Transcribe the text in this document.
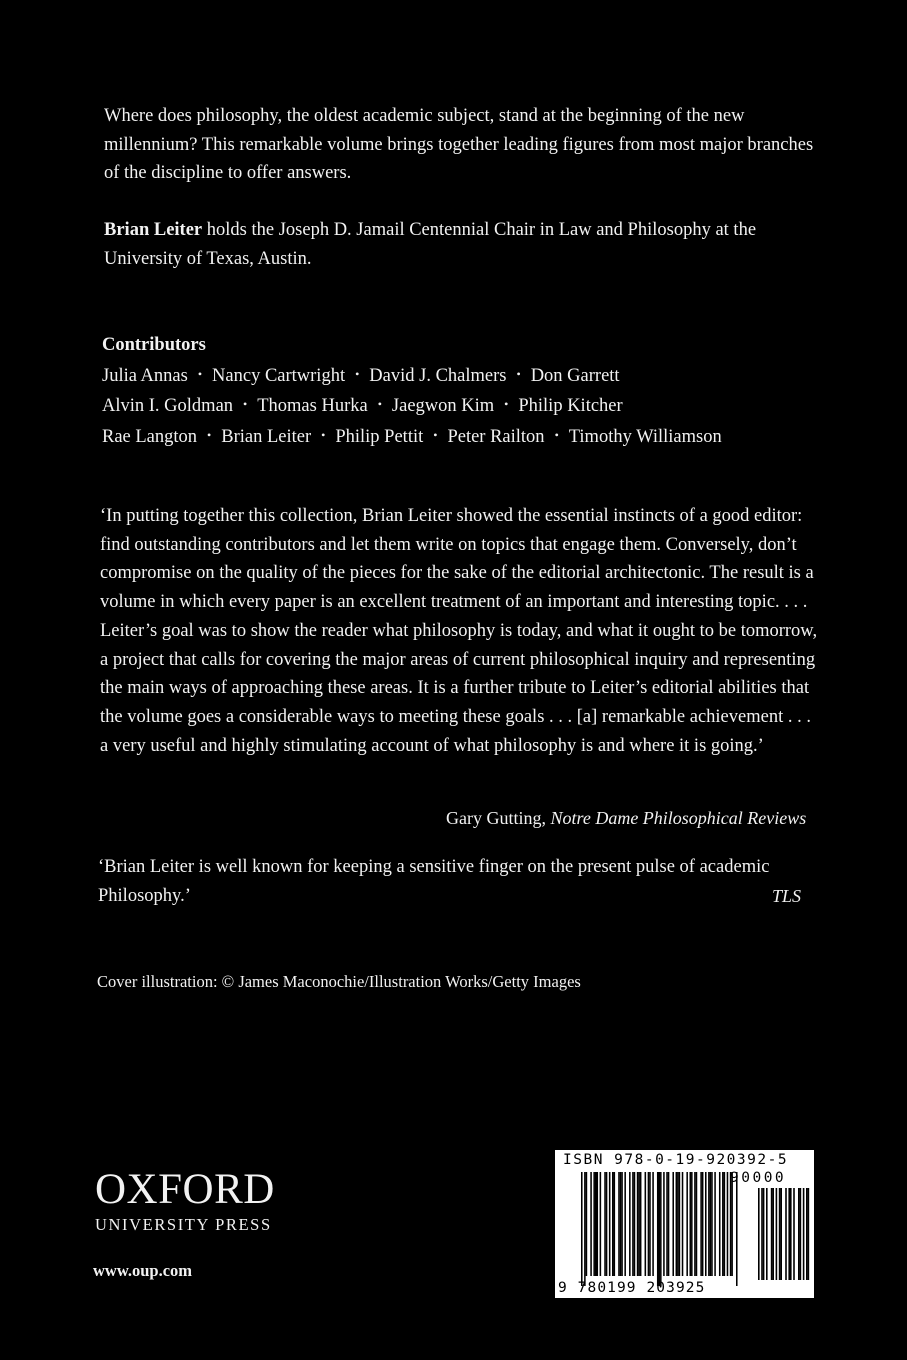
Where does philosophy, the oldest academic subject, stand at the beginning of the new millennium? This remarkable volume brings together leading figures from most major branches of the discipline to offer answers.

Brian Leiter holds the Joseph D. Jamail Centennial Chair in Law and Philosophy at the University of Texas, Austin.

Contributors
Julia Annas • Nancy Cartwright • David J. Chalmers • Don Garrett
Alvin I. Goldman • Thomas Hurka • Jaegwon Kim • Philip Kitcher
Rae Langton • Brian Leiter • Philip Pettit • Peter Railton • Timothy Williamson

‘In putting together this collection, Brian Leiter showed the essential instincts of a good editor: find outstanding contributors and let them write on topics that engage them. Conversely, don’t compromise on the quality of the pieces for the sake of the editorial architectonic. The result is a volume in which every paper is an excellent treatment of an important and interesting topic. . . . Leiter’s goal was to show the reader what philosophy is today, and what it ought to be tomorrow, a project that calls for covering the major areas of current philosophical inquiry and representing the main ways of approaching these areas. It is a further tribute to Leiter’s editorial abilities that the volume goes a considerable ways to meeting these goals . . . [a] remarkable achievement . . . a very useful and highly stimulating account of what philosophy is and where it is going.’

Gary Gutting, Notre Dame Philosophical Reviews

‘Brian Leiter is well known for keeping a sensitive finger on the present pulse of academic Philosophy.’	TLS
Cover illustration: © James Maconochie/Illustration Works/Getty Images
OXFORD
UNIVERSITY PRESS
www.oup.com
ISBN 978-0-19-920392-5
90000
9 780199 203925
